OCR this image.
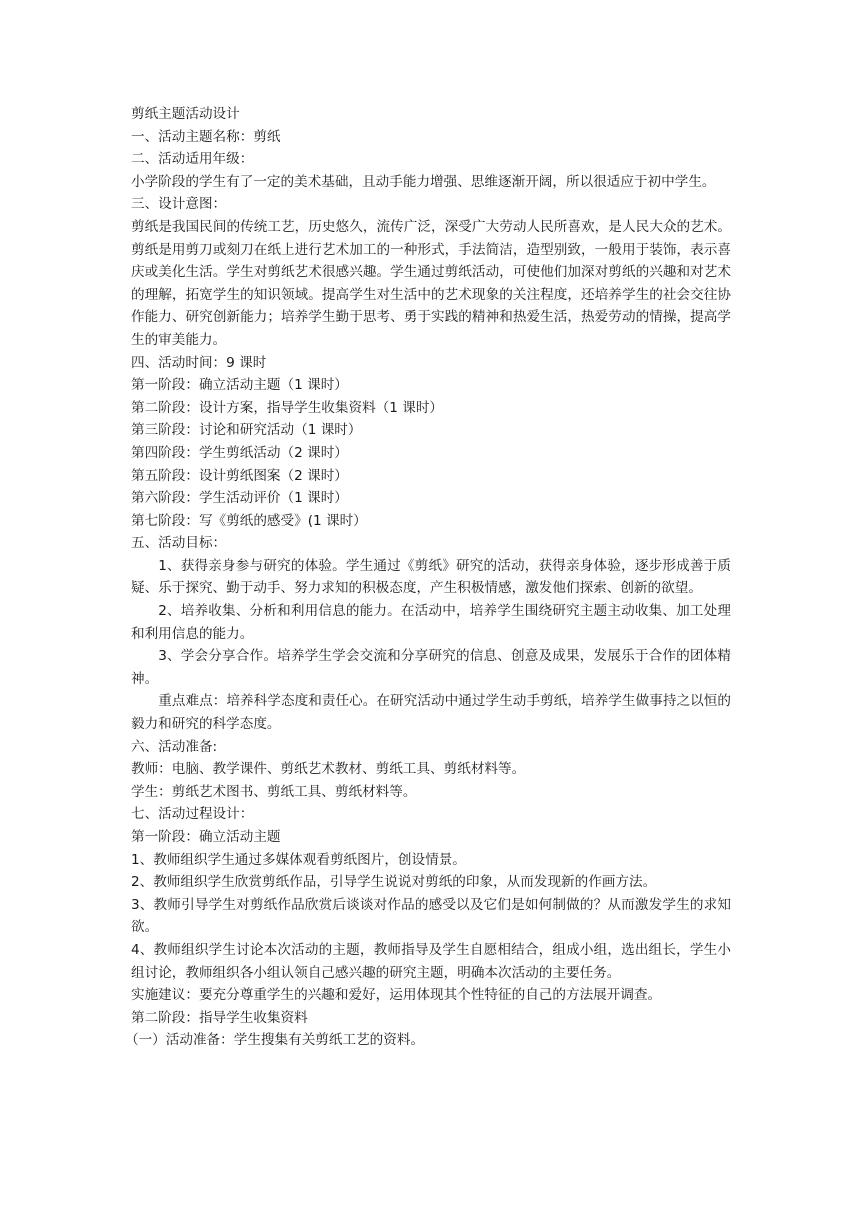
剪纸主题活动设计
一、活动主题名称：剪纸
二、活动适用年级：
小学阶段的学生有了一定的美术基础，且动手能力增强、思维逐渐开阔，所以很适应于初中学生。
三、设计意图：
剪纸是我国民间的传统工艺，历史悠久，流传广泛，深受广大劳动人民所喜欢，是人民大众的艺术。剪纸是用剪刀或刻刀在纸上进行艺术加工的一种形式，手法简洁，造型别致，一般用于装饰，表示喜庆或美化生活。学生对剪纸艺术很感兴趣。学生通过剪纸活动，可使他们加深对剪纸的兴趣和对艺术的理解，拓宽学生的知识领域。提高学生对生活中的艺术现象的关注程度，还培养学生的社会交往协作能力、研究创新能力；培养学生勤于思考、勇于实践的精神和热爱生活，热爱劳动的情操，提高学生的审美能力。
四、活动时间：9 课时
第一阶段：确立活动主题（1 课时）
第二阶段：设计方案，指导学生收集资料（1 课时）
第三阶段：讨论和研究活动（1 课时）
第四阶段：学生剪纸活动（2 课时）
第五阶段：设计剪纸图案（2 课时）
第六阶段：学生活动评价（1 课时）
第七阶段：写《剪纸的感受》(1 课时）
五、活动目标：
1、获得亲身参与研究的体验。学生通过《剪纸》研究的活动，获得亲身体验，逐步形成善于质疑、乐于探究、勤于动手、努力求知的积极态度，产生积极情感，激发他们探索、创新的欲望。
2、培养收集、分析和利用信息的能力。在活动中，培养学生围绕研究主题主动收集、加工处理和利用信息的能力。
3、学会分享合作。培养学生学会交流和分享研究的信息、创意及成果，发展乐于合作的团体精神。
重点难点：培养科学态度和责任心。在研究活动中通过学生动手剪纸，培养学生做事持之以恒的毅力和研究的科学态度。
六、活动准备:
教师：电脑、教学课件、剪纸艺术教材、剪纸工具、剪纸材料等。
学生：剪纸艺术图书、剪纸工具、剪纸材料等。
七、活动过程设计：
第一阶段：确立活动主题
1、教师组织学生通过多媒体观看剪纸图片，创设情景。
2、教师组织学生欣赏剪纸作品，引导学生说说对剪纸的印象，从而发现新的作画方法。
3、教师引导学生对剪纸作品欣赏后谈谈对作品的感受以及它们是如何制做的？从而激发学生的求知欲。
4、教师组织学生讨论本次活动的主题，教师指导及学生自愿相结合，组成小组，选出组长，学生小组讨论，教师组织各小组认领自己感兴趣的研究主题，明确本次活动的主要任务。
实施建议：要充分尊重学生的兴趣和爱好，运用体现其个性特征的自己的方法展开调查。
第二阶段：指导学生收集资料
（一）活动准备：学生搜集有关剪纸工艺的资料。
